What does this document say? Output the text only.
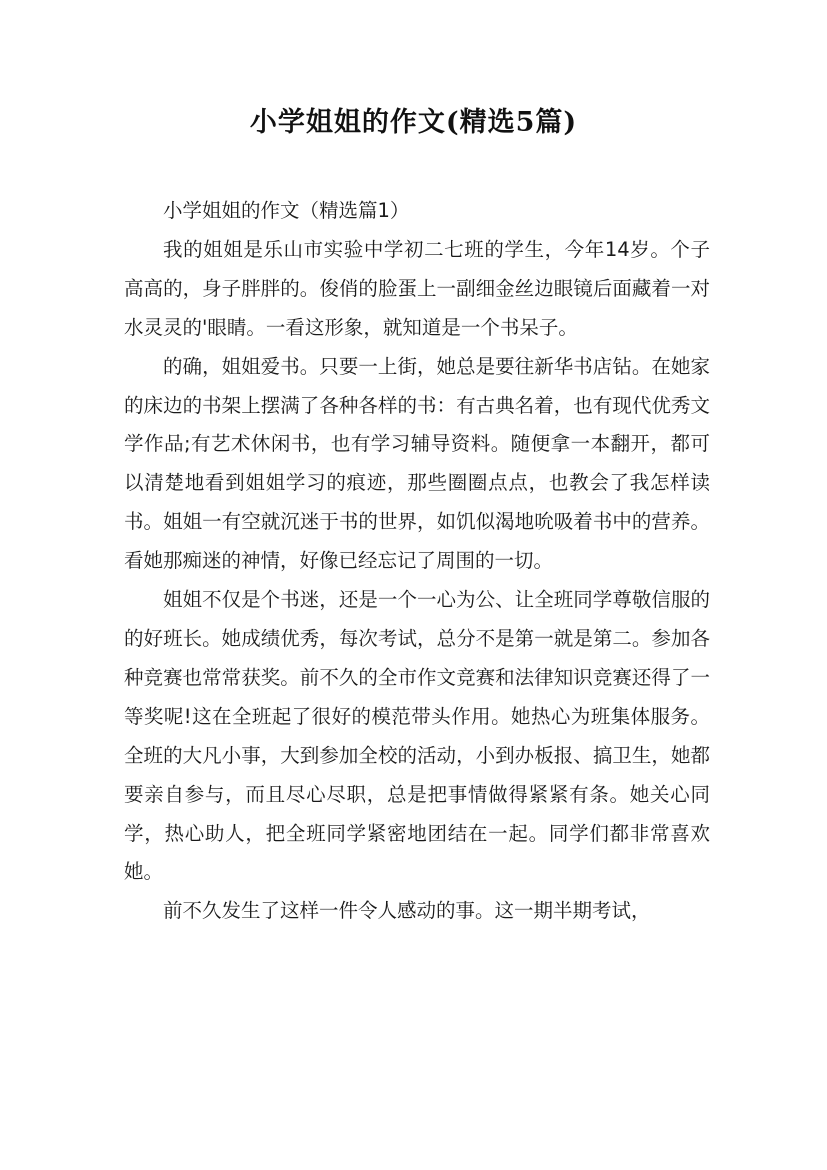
小学姐姐的作文(精选5篇)

小学姐姐的作文（精选篇1）

我的姐姐是乐山市实验中学初二七班的学生，今年14岁。个子高高的，身子胖胖的。俊俏的脸蛋上一副细金丝边眼镜后面藏着一对水灵灵的'眼睛。一看这形象，就知道是一个书呆子。

的确，姐姐爱书。只要一上街，她总是要往新华书店钻。在她家的床边的书架上摆满了各种各样的书：有古典名着，也有现代优秀文学作品;有艺术休闲书，也有学习辅导资料。随便拿一本翻开，都可以清楚地看到姐姐学习的痕迹，那些圈圈点点，也教会了我怎样读书。姐姐一有空就沉迷于书的世界，如饥似渴地吮吸着书中的营养。看她那痴迷的神情，好像已经忘记了周围的一切。

姐姐不仅是个书迷，还是一个一心为公、让全班同学尊敬信服的的好班长。她成绩优秀，每次考试，总分不是第一就是第二。参加各种竞赛也常常获奖。前不久的全市作文竞赛和法律知识竞赛还得了一等奖呢!这在全班起了很好的模范带头作用。她热心为班集体服务。全班的大凡小事，大到参加全校的活动，小到办板报、搞卫生，她都要亲自参与，而且尽心尽职，总是把事情做得紧紧有条。她关心同学，热心助人，把全班同学紧密地团结在一起。同学们都非常喜欢她。

前不久发生了这样一件令人感动的事。这一期半期考试，
